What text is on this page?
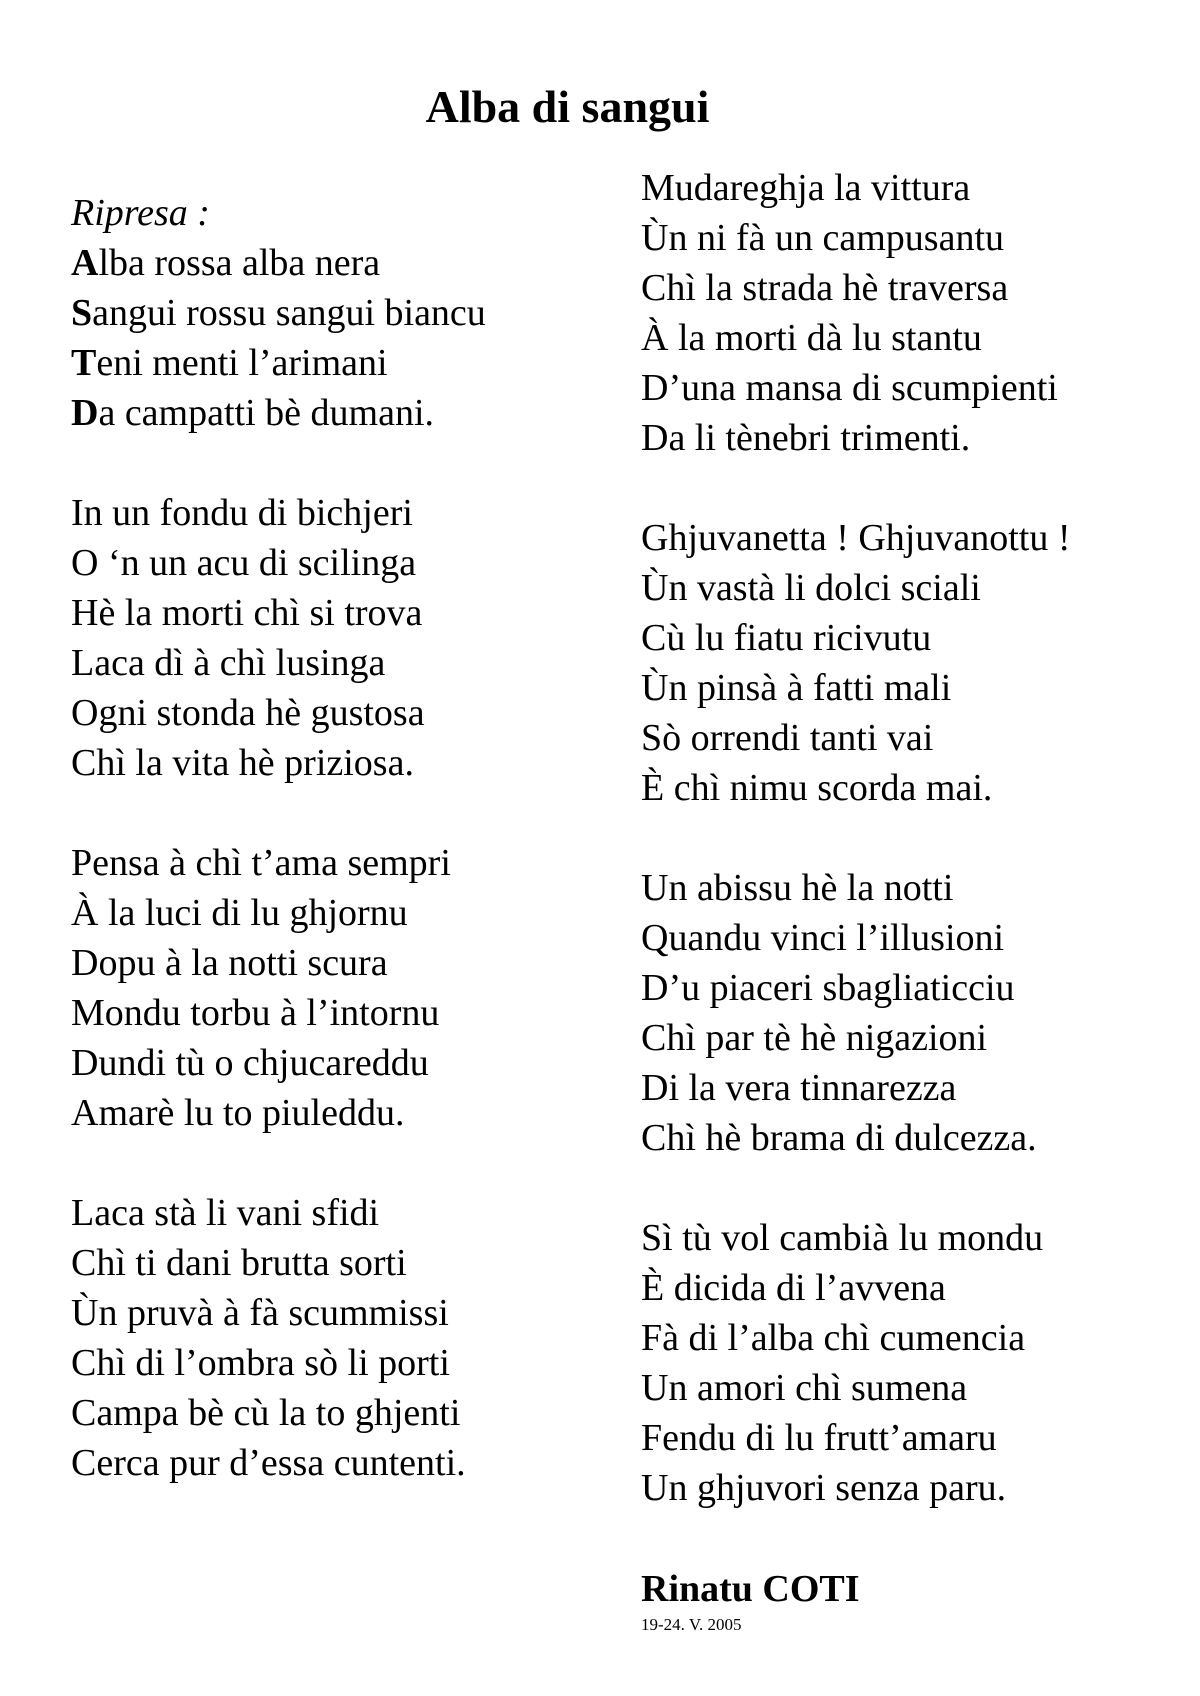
Alba di sangui
Ripresa :
Alba rossa alba nera
Sangui rossu sangui biancu
Teni menti l’arimani
Da campatti bè dumani.
In un fondu di bichjeri
O ‘n un acu di scilinga
Hè la morti chì si trova
Laca dì à chì lusinga
Ogni stonda hè gustosa
Chì la vita hè priziosa.
Pensa à chì t’ama sempri
À la luci di lu ghjornu
Dopu à la notti scura
Mondu torbu à l’intornu
Dundi tù o chjucareddu
Amarè lu to piuleddu.
Laca stà li vani sfidi
Chì ti dani brutta sorti
Ùn pruvà à fà scummissi
Chì di l’ombra sò li porti
Campa bè cù la to ghjenti
Cerca pur d’essa cuntenti.
Mudareghja la vittura
Ùn ni fà un campusantu
Chì la strada hè traversa
À la morti dà lu stantu
D’una mansa di scumpienti
Da li tènebri trimenti.
Ghjuvanetta ! Ghjuvanottu !
Ùn vastà li dolci sciali
Cù lu fiatu ricivutu
Ùn pinsà à fatti mali
Sò orrendi tanti vai
È chì nimu scorda mai.
Un abissu hè la notti
Quandu vinci l’illusioni
D’u piaceri sbagliaticciu
Chì par tè hè nigazioni
Di la vera tinnarezza
Chì hè brama di dulcezza.
Sì tù vol cambià lu mondu
È dicida di l’avvena
Fà di l’alba chì cumencia
Un amori chì sumena
Fendu di lu frutt’amaru
Un ghjuvori senza paru.
Rinatu COTI
19-24. V. 2005
